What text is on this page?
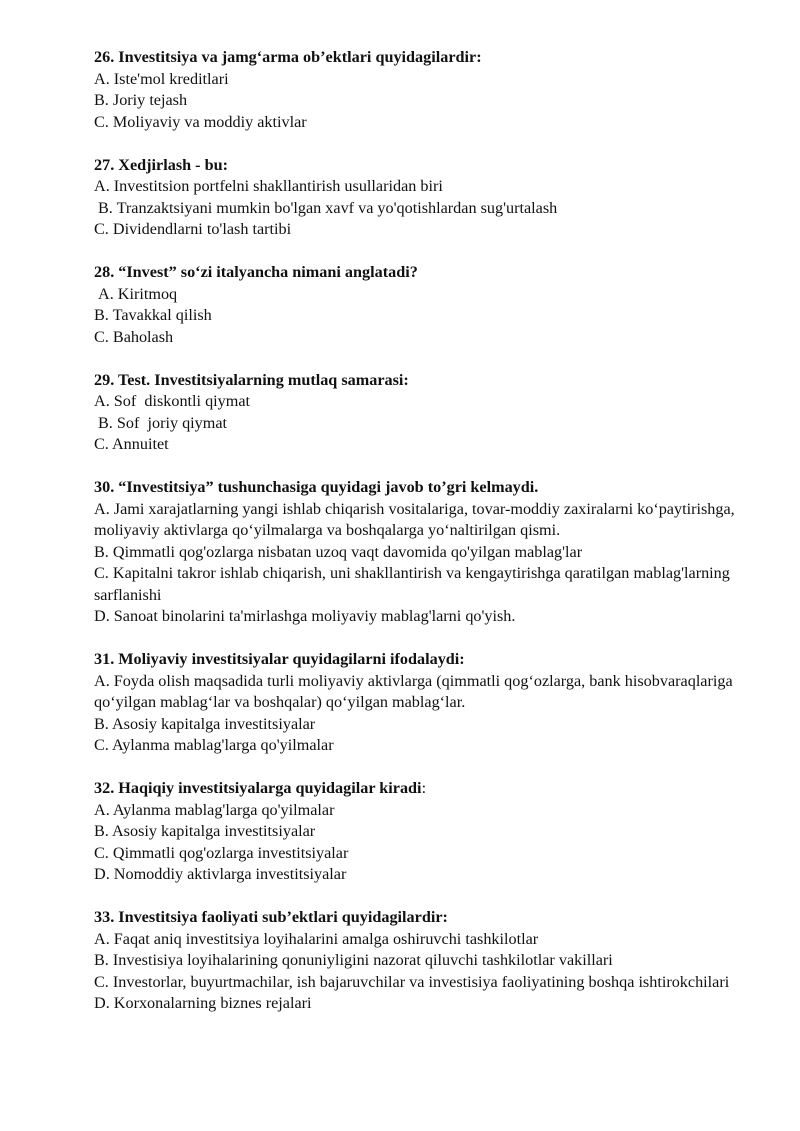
26. Investitsiya va jamg‘arma ob’ektlari quyidagilardir:
A. Iste'mol kreditlari
B. Joriy tejash
C. Moliyaviy va moddiy aktivlar
27. Xedjirlash - bu:
A. Investitsion portfelni shakllantirish usullaridan biri
B. Tranzaktsiyani mumkin bo'lgan xavf va yo'qotishlardan sug'urtalash
C. Dividendlarni to'lash tartibi
28. “Invest” so‘zi italyancha nimani anglatadi?
A. Kiritmoq
B. Tavakkal qilish
C. Baholash
29. Test. Investitsiyalarning mutlaq samarasi:
A. Sof  diskontli qiymat
B. Sof  joriy qiymat
C. Annuitet
30. “Investitsiya” tushunchasiga quyidagi javob to’gri kelmaydi.
A. Jami xarajatlarning yangi ishlab chiqarish vositalariga, tovar-moddiy zaxiralarni ko‘paytirishga, moliyaviy aktivlarga qo‘yilmalarga va boshqalarga yo‘naltirilgan qismi.
B. Qimmatli qog'ozlarga nisbatan uzoq vaqt davomida qo'yilgan mablag'lar
C. Kapitalni takror ishlab chiqarish, uni shakllantirish va kengaytirishga qaratilgan mablag'larning sarflanishi
D. Sanoat binolarini ta'mirlashga moliyaviy mablag'larni qo'yish.
31. Moliyaviy investitsiyalar quyidagilarni ifodalaydi:
A. Foyda olish maqsadida turli moliyaviy aktivlarga (qimmatli qog‘ozlarga, bank hisobvaraqlariga qo‘yilgan mablag‘lar va boshqalar) qo‘yilgan mablag‘lar.
B. Asosiy kapitalga investitsiyalar
C. Aylanma mablag'larga qo'yilmalar
32. Haqiqiy investitsiyalarga quyidagilar kiradi:
A. Aylanma mablag'larga qo'yilmalar
B. Asosiy kapitalga investitsiyalar
C. Qimmatli qog'ozlarga investitsiyalar
D. Nomoddiy aktivlarga investitsiyalar
33. Investitsiya faoliyati sub’ektlari quyidagilardir:
A. Faqat aniq investitsiya loyihalarini amalga oshiruvchi tashkilotlar
B. Investisiya loyihalarining qonuniyligini nazorat qiluvchi tashkilotlar vakillari
C. Investorlar, buyurtmachilar, ish bajaruvchilar va investisiya faoliyatining boshqa ishtirokchilari
D. Korxonalarning biznes rejalari
